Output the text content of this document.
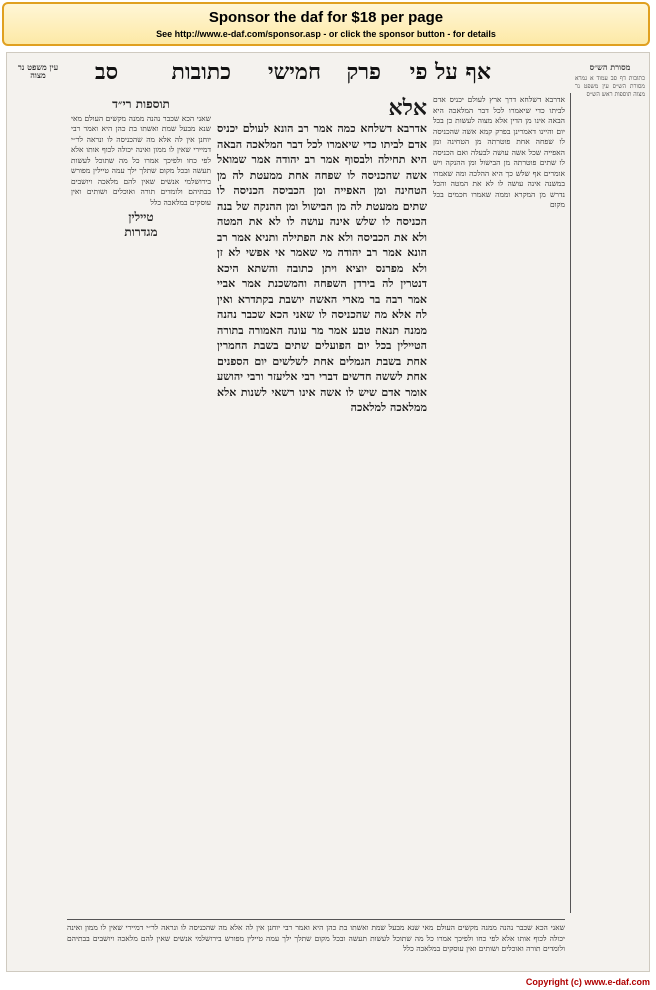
Sponsor the daf for $18 per page
See http://www.e-daf.com/sponsor.asp - or click the sponsor button - for details
אף על פי
פרק
חמישי
כתובות
סב	מסורת הש״ס

כתובות דף סב עמוד א גמרא מסורת הש״ס עין משפט נר מצוה תוספות ראש הש״ס

אדרבא דשלחא דרך ארץ לעולם יכניס אדם לביתו כדי שיאמרו לכל דבר המלאכה היא הבאה אינו מן הדין אלא מצוה לעשות כן בכל יום והיינו דאמרינן בפרק קמא אשה שהכניסה לו שפחה אחת פוטרתה מן הטחינה ומן האפייה שכל אשה עושה לבעלה ואם הכניסה לו שתים פוטרתה מן הבישול ומן ההנקה ויש אומרים אף שלש כך היא ההלכה ומה שאמרו במשנה אינה עושה לו לא את המטה והכל נדרש מן המקרא וממה שאמרו חכמים בכל מקום

אלא

אדרבא דשלחא כמה אמר רב הונא לעולם יכניס אדם לביתו כדי שיאמרו לכל דבר המלאכה הבאה היא תחילה ולבסוף אמר רב יהודה אמר שמואל אשה שהכניסה לו שפחה אחת ממעטת לה מן הטחינה ומן האפייה ומן הכביסה הכניסה לו שתים ממעטת לה מן הבישול ומן ההנקה של בנה הכניסה לו שלש אינה עושה לו לא את המטה ולא את הכביסה ולא את הפתילה ותניא אמר רב הונא אמר רב יהודה מי שאמר אי אפשי לא זן ולא מפרנס יוציא ויתן כתובה והשתא היכא דנטרין לה בירדן השפחה והמשכנת אמר אביי אמר רבה בר מארי האשה יושבת בקתדרא ואין לה אלא מה שהכניסה לו שאני הכא שכבר נהנה ממנה תנאה טבע אמר מר עונה האמורה בתורה הטיילין בכל יום הפועלים שתים בשבת החמרין אחת בשבת הגמלים אחת לשלשים יום הספנים אחת לששה חדשים דברי רבי אליעזר ורבי יהושע אומר אדם שיש לו אשה אינו רשאי לשנות אלא ממלאכה למלאכה

תוספות רי״ד

שאני הכא שכבר נהנה ממנה מקשים העולם מאי שנא מבעל שמת ואשתו בת כהן היא ואמר רבי יוחנן אין לה אלא מה שהכניסה לו ונראה לר״י דמיירי שאין לו ממון ואינה יכולה לכוף אותו אלא לפי כחו ולפיכך אמרו כל מה שתוכל לעשות תעשה ובכל מקום שתלך ילך עמה טיילין מפורש בירושלמי אנשים שאין להם מלאכה ויושבים בבתיהם ולומדים תורה ואוכלים ושותים ואין עוסקים במלאכה כלל

טיילין
מגדרות
עין משפט נר מצוה

שאני הכא שכבר נהנה ממנה מקשים העולם מאי שנא מבעל שמת ואשתו בת כהן היא ואמר רבי יוחנן אין לה אלא מה שהכניסה לו ונראה לר״י דמיירי שאין לו ממון ואינה יכולה לכוף אותו אלא לפי כחו ולפיכך אמרו כל מה שתוכל לעשות תעשה ובכל מקום שתלך ילך עמה טיילין מפורש בירושלמי אנשים שאין להם מלאכה ויושבים בבתיהם ולומדים תורה ואוכלים ושותים ואין עוסקים במלאכה כלל

Copyright (c) www.e-daf.com
